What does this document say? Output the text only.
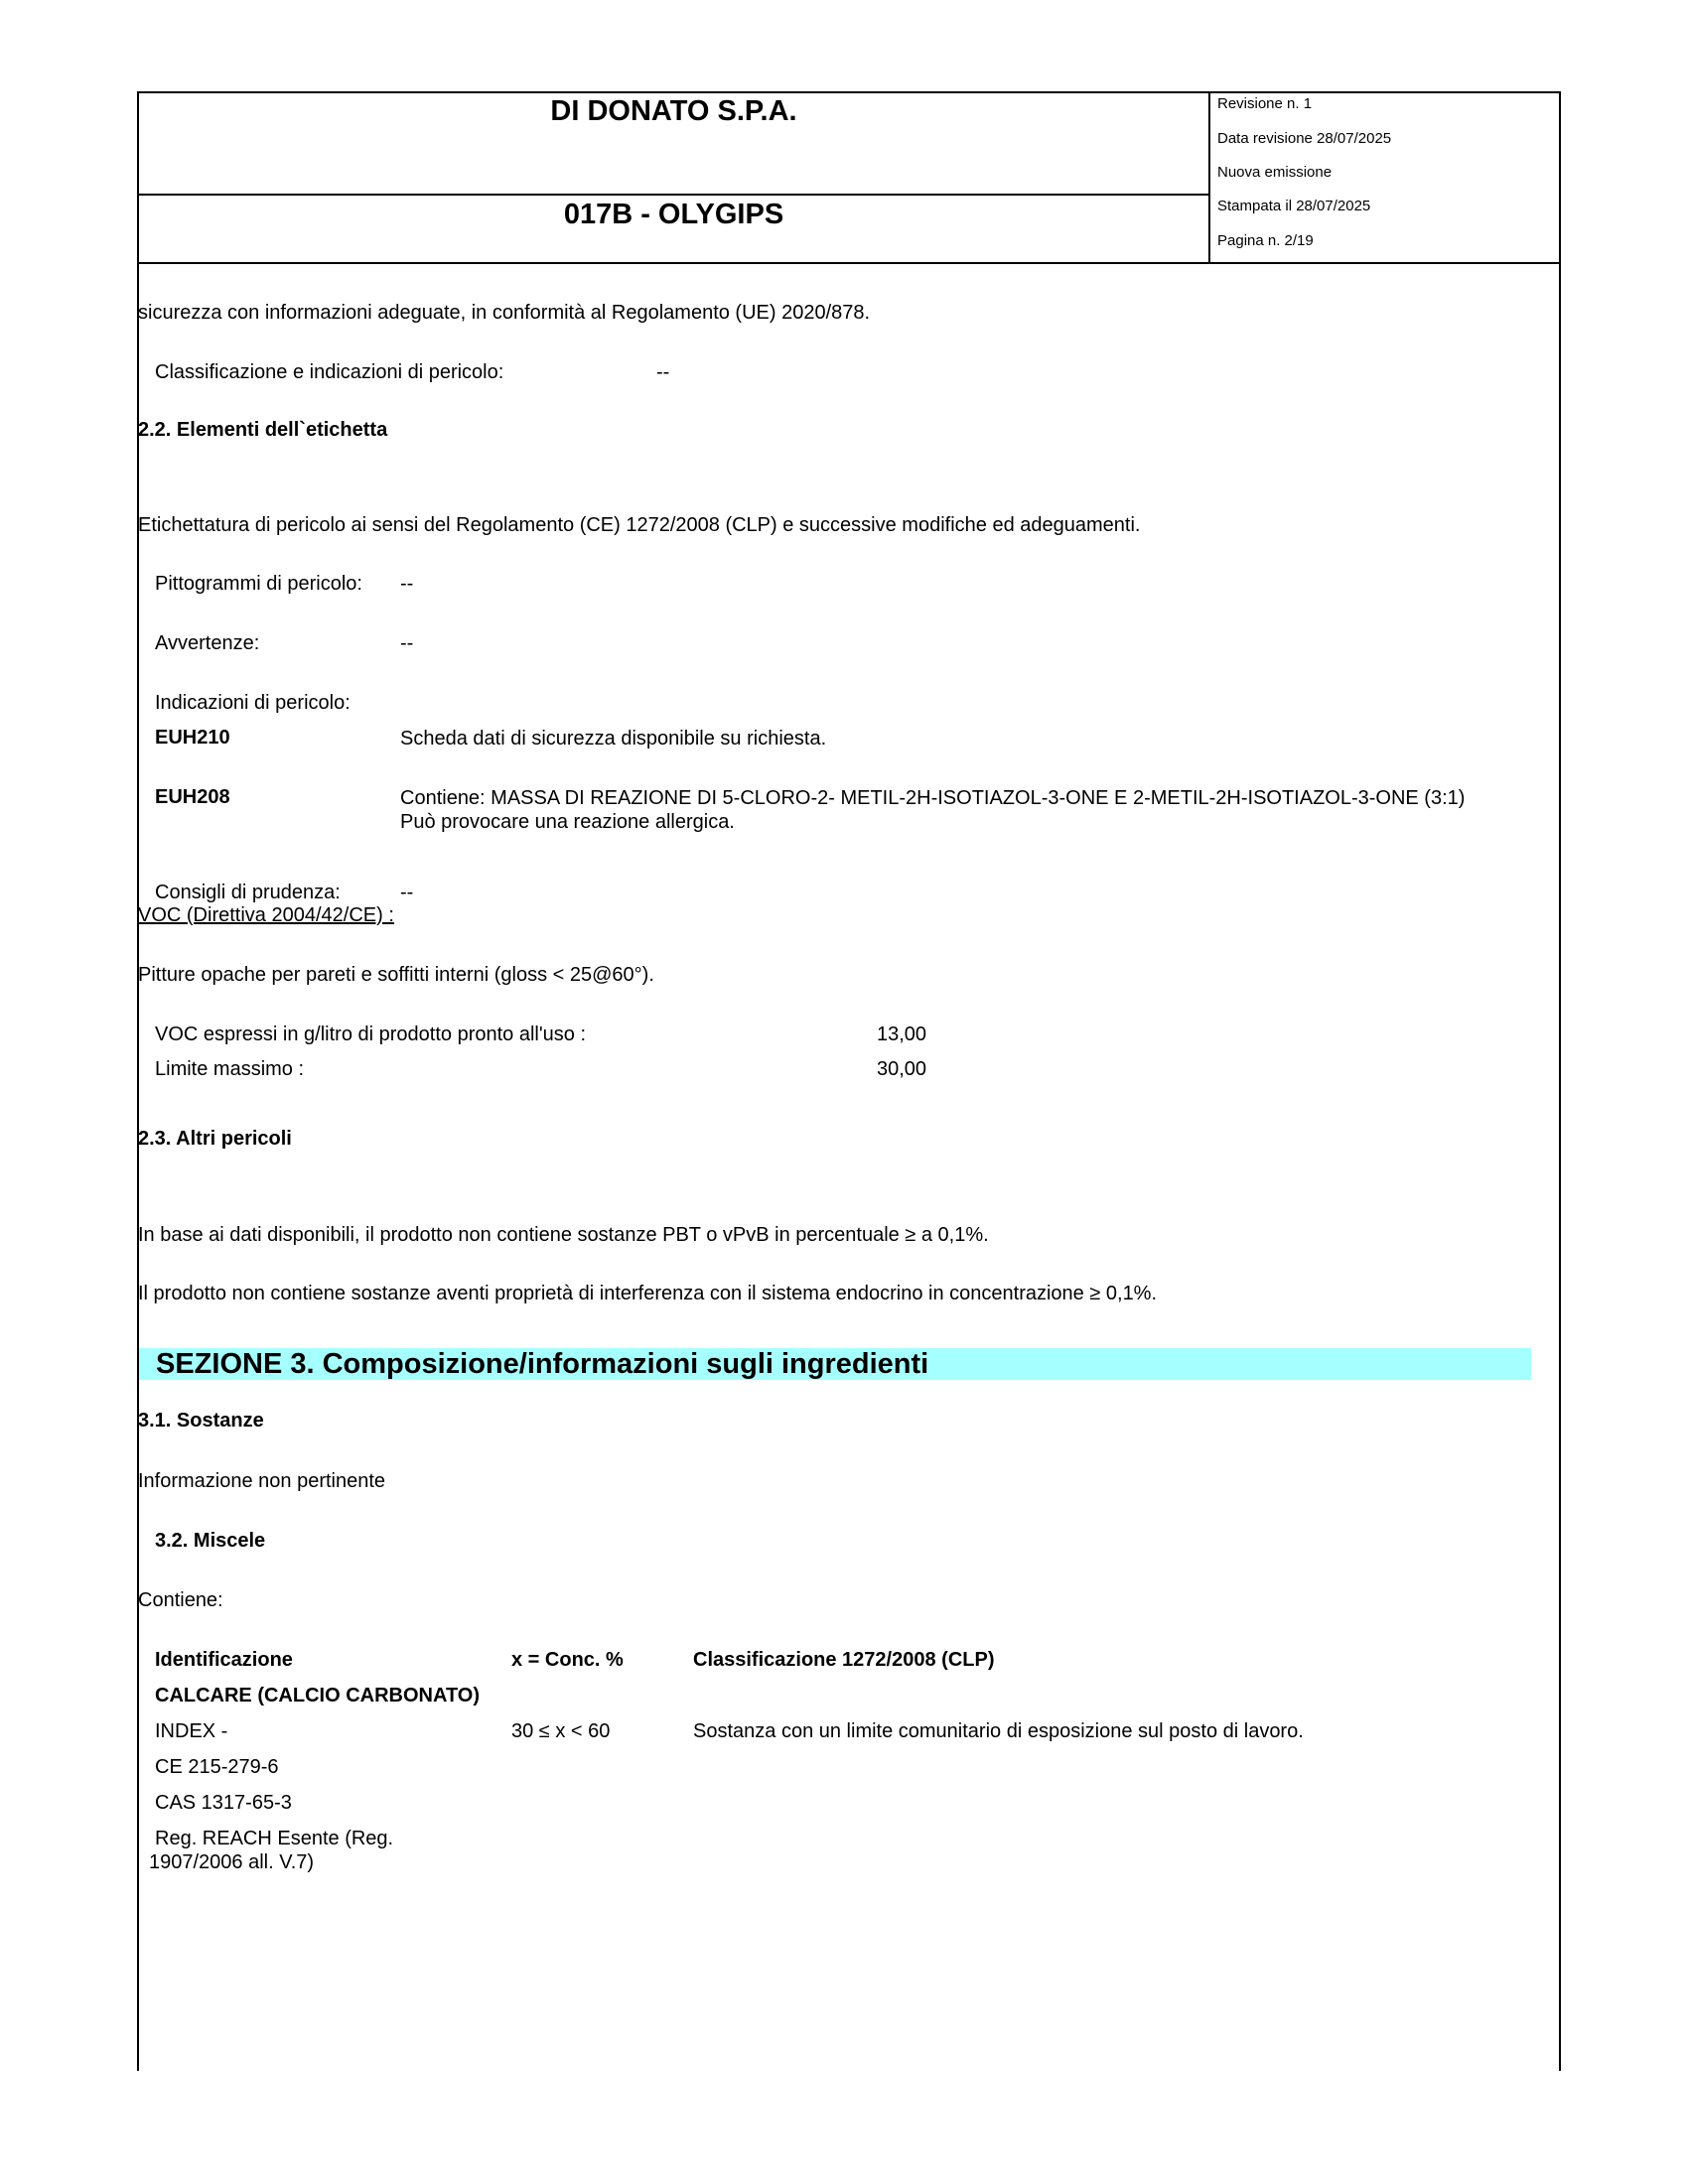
DI DONATO S.P.A.
017B - OLYGIPS
Revisione n. 1
Data revisione 28/07/2025
Nuova emissione
Stampata il 28/07/2025
Pagina n. 2/19
sicurezza con informazioni adeguate, in conformità al Regolamento (UE) 2020/878.
Classificazione e indicazioni di pericolo:	--
2.2. Elementi dell`etichetta
Etichettatura di pericolo ai sensi del Regolamento (CE) 1272/2008 (CLP) e successive modifiche ed adeguamenti.
Pittogrammi di pericolo: --
Avvertenze:	--
Indicazioni di pericolo:
EUH210	Scheda dati di sicurezza disponibile su richiesta.
EUH208	Contiene: MASSA DI REAZIONE DI 5-CLORO-2- METIL-2H-ISOTIAZOL-3-ONE E 2-METIL-2H-ISOTIAZOL-3-ONE (3:1)
Può provocare una reazione allergica.
Consigli di prudenza:	--
VOC (Direttiva 2004/42/CE) :
Pitture opache per pareti e soffitti interni (gloss < 25@60°).
VOC espressi in g/litro di prodotto pronto all'uso :	13,00
Limite massimo :	30,00
2.3. Altri pericoli
In base ai dati disponibili, il prodotto non contiene sostanze PBT o vPvB in percentuale ≥ a 0,1%.
Il prodotto non contiene sostanze aventi proprietà di interferenza con il sistema endocrino in concentrazione ≥ 0,1%.
SEZIONE 3. Composizione/informazioni sugli ingredienti
3.1. Sostanze
Informazione non pertinente
3.2. Miscele
Contiene:
Identificazione	x = Conc. %	Classificazione 1272/2008 (CLP)
CALCARE (CALCIO CARBONATO)
INDEX -	30 ≤ x < 60	Sostanza con un limite comunitario di esposizione sul posto di lavoro.
CE 215-279-6
CAS 1317-65-3
Reg. REACH Esente (Reg.
1907/2006 all. V.7)
